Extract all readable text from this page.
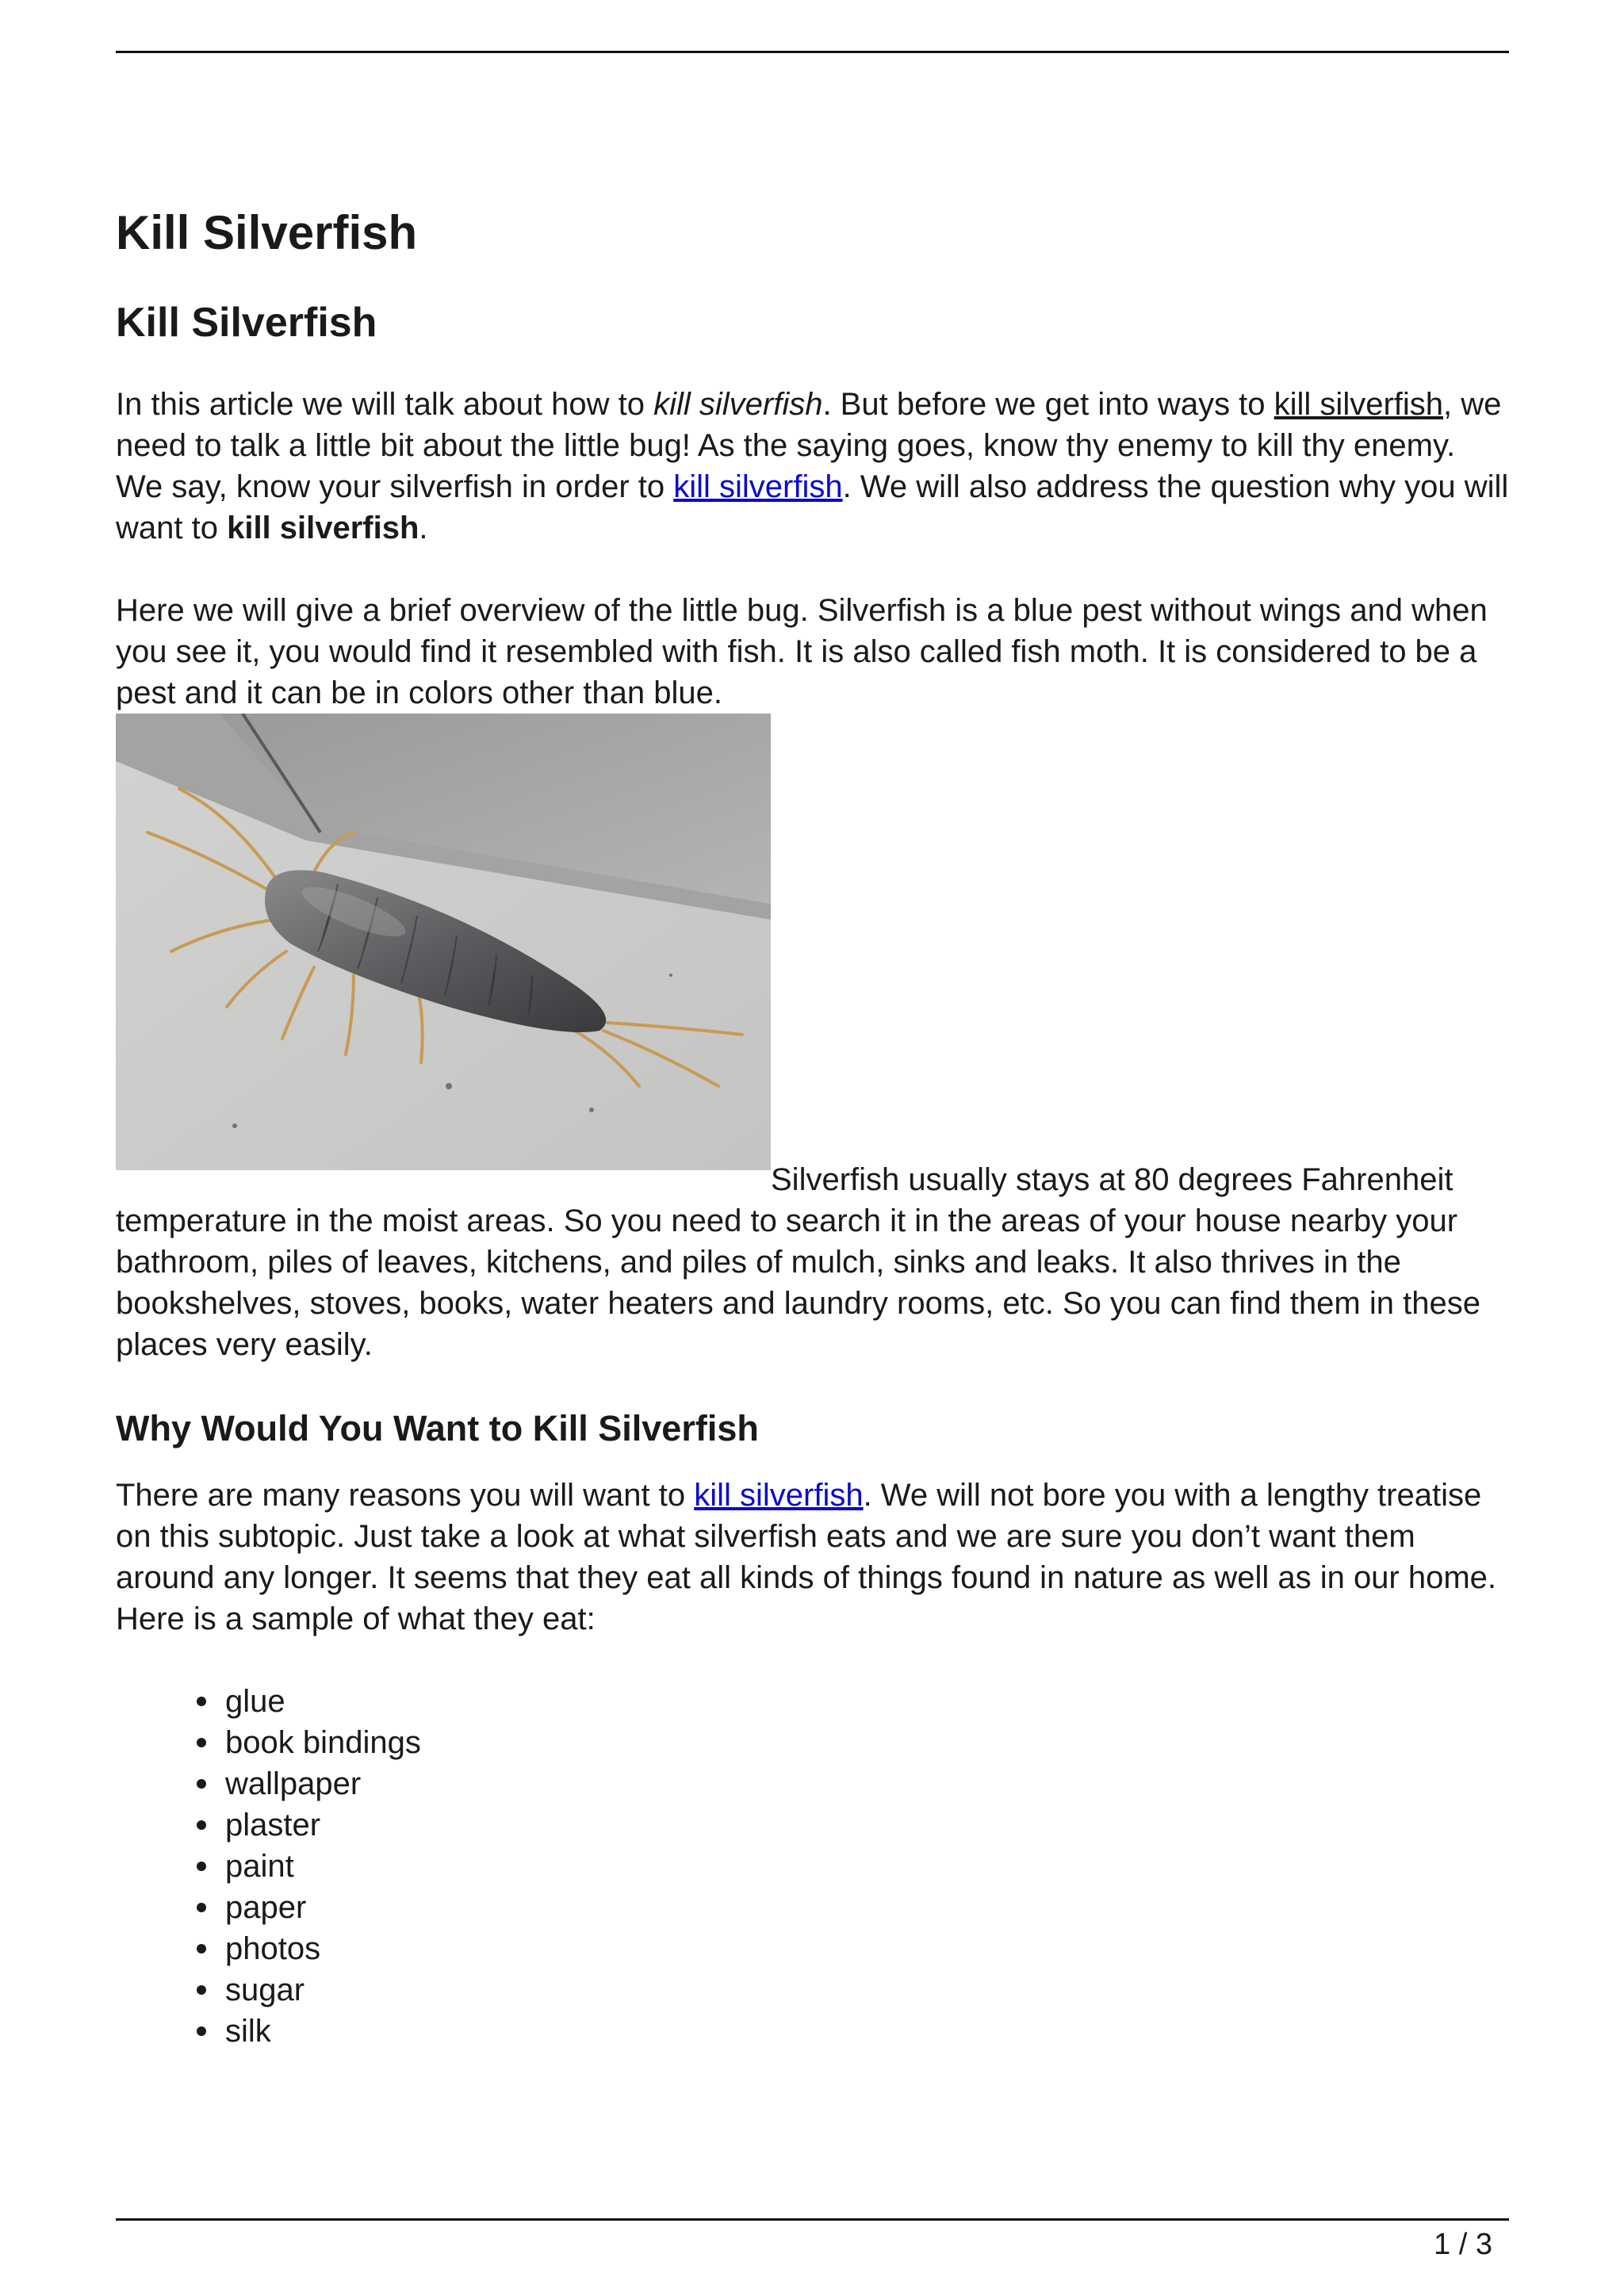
Kill Silverfish
Kill Silverfish

In this article we will talk about how to kill silverfish. But before we get into ways to kill silverfish, we need to talk a little bit about the little bug! As the saying goes, know thy enemy to kill thy enemy. We say, know your silverfish in order to kill silverfish. We will also address the question why you will want to kill silverfish.

Here we will give a brief overview of the little bug. Silverfish is a blue pest without wings and when you see it, you would find it resembled with fish. It is also called fish moth. It is considered to be a pest and it can be in colors other than blue.

Silverfish usually stays at 80 degrees Fahrenheit temperature in the moist areas. So you need to search it in the areas of your house nearby your bathroom, piles of leaves, kitchens, and piles of mulch, sinks and leaks. It also thrives in the bookshelves, stoves, books, water heaters and laundry rooms, etc. So you can find them in these places very easily.

Why Would You Want to Kill Silverfish

There are many reasons you will want to kill silverfish. We will not bore you with a lengthy treatise on this subtopic. Just take a look at what silverfish eats and we are sure you don’t want them around any longer. It seems that they eat all kinds of things found in nature as well as in our home. Here is a sample of what they eat:

glue
book bindings
wallpaper
plaster
paint
paper
photos
sugar
silk
1 / 3
